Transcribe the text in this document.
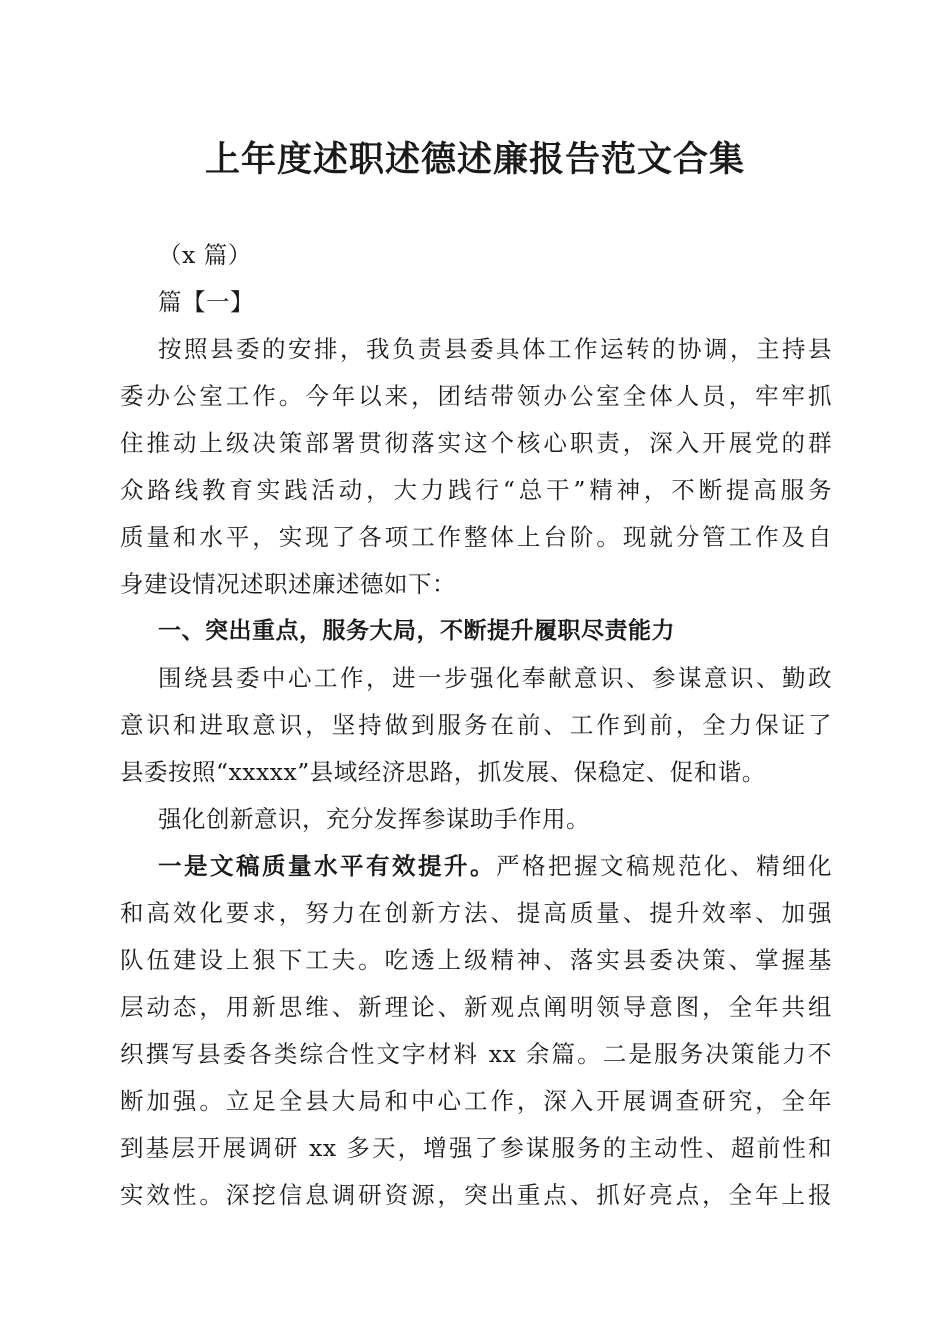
上年度述职述德述廉报告范文合集
（x 篇）
篇【一】
按照县委的安排，我负责县委具体工作运转的协调，主持县
委办公室工作。今年以来，团结带领办公室全体人员，牢牢抓
住推动上级决策部署贯彻落实这个核心职责，深入开展党的群
众路线教育实践活动，大力践行“总干”精神，不断提高服务
质量和水平，实现了各项工作整体上台阶。现就分管工作及自
身建设情况述职述廉述德如下：
一、突出重点，服务大局，不断提升履职尽责能力
围绕县委中心工作，进一步强化奉献意识、参谋意识、勤政
意识和进取意识，坚持做到服务在前、工作到前，全力保证了
县委按照“xxxxx”县域经济思路，抓发展、保稳定、促和谐。
强化创新意识，充分发挥参谋助手作用。
一是文稿质量水平有效提升。严格把握文稿规范化、精细化
和高效化要求，努力在创新方法、提高质量、提升效率、加强
队伍建设上狠下工夫。吃透上级精神、落实县委决策、掌握基
层动态，用新思维、新理论、新观点阐明领导意图，全年共组
织撰写县委各类综合性文字材料 xx 余篇。二是服务决策能力不
断加强。立足全县大局和中心工作，深入开展调查研究，全年
到基层开展调研 xx 多天，增强了参谋服务的主动性、超前性和
实效性。深挖信息调研资源，突出重点、抓好亮点，全年上报
